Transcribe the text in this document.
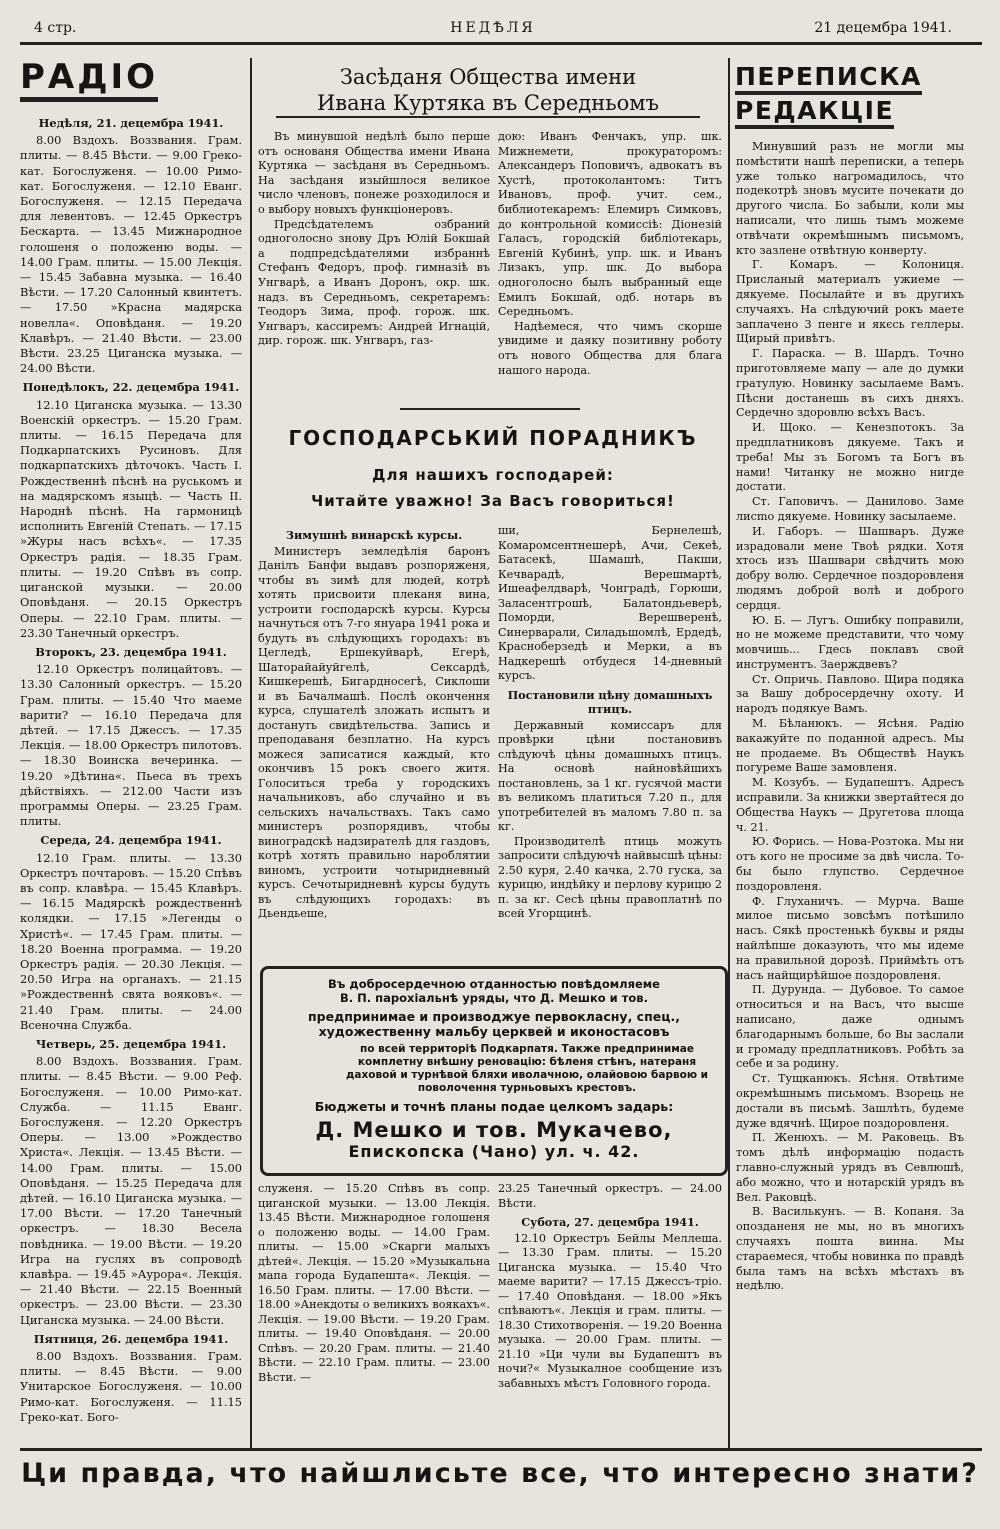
4 стр.	НЕДѢЛЯ	21 децембра 1941.
РАДІО

Недѣля, 21. децембра 1941.

8.00 Вздохъ. Воззвания. Грам. плиты. — 8.45 Вѣсти. — 9.00 Греко-кат. Богослуженя. — 10.00 Римо-кат. Богослуженя. — 12.10 Еванг. Богослуженя. — 12.15 Передача для левентовъ. — 12.45 Оркестръ Бескарта. — 13.45 Мижнародное голошеня о положеню воды. — 14.00 Грам. плиты. — 15.00 Лекція. — 15.45 Забавна музыка. — 16.40 Вѣсти. — 17.20 Салонный квинтетъ. — 17.50 »Красна мадярска новелла«. Оповѣданя. — 19.20 Клавѣръ. — 21.40 Вѣсти. — 23.00 Вѣсти. 23.25 Циганска музыка. — 24.00 Вѣсти.

Понедѣлокъ, 22. децембра 1941.

12.10 Циганска музыка. — 13.30 Военскій оркестръ. — 15.20 Грам. плиты. — 16.15 Передача для Подкарпатскихъ Русиновъ. Для подкарпатскихъ дѣточокъ. Часть I. Рождественнѣ пѣснѣ на руськомъ и на мадярскомъ языцѣ. — Часть II. Народнѣ пѣснѣ. На гармоницѣ исполнить Евгеній Степать. — 17.15 »Журы насъ всѣхъ«. — 17.35 Оркестръ радія. — 18.35 Грам. плиты. — 19.20 Спѣвъ въ сопр. циганской музыки. — 20.00 Оповѣданя. — 20.15 Оркестръ Оперы. — 22.10 Грам. плиты. — 23.30 Танечный оркестръ.

Второкъ, 23. децембра 1941.

12.10 Оркестръ полицайтовъ. — 13.30 Салонный оркестръ. — 15.20 Грам. плиты. — 15.40 Что маеме варити? — 16.10 Передача для дѣтей. — 17.15 Джессъ. — 17.35 Лекція. — 18.00 Оркестръ пилотовъ. — 18.30 Воинска вечеринка. — 19.20 »Дѣтина«. Пьеса въ трехъ дѣйствіяхъ. — 212.00 Части изъ программы Оперы. — 23.25 Грам. плиты.

Середа, 24. децембра 1941.

12.10 Грам. плиты. — 13.30 Оркестръ почтаровъ. — 15.20 Спѣвъ въ сопр. клавѣра. — 15.45 Клавѣръ. — 16.15 Мадярскѣ рождественнѣ колядки. — 17.15 »Легенды о Христѣ«. — 17.45 Грам. плиты. — 18.20 Военна программа. — 19.20 Оркестръ радія. — 20.30 Лекція. — 20.50 Игра на органахъ. — 21.15 »Рождественнѣ свята вояковъ«. — 21.40 Грам. плиты. — 24.00 Всеночна Служба.

Четверь, 25. децембра 1941.

8.00 Вздохъ. Воззвания. Грам. плиты. — 8.45 Вѣсти. — 9.00 Реф. Богослуженя. — 10.00 Римо-кат. Служба. — 11.15 Еванг. Богослуженя. — 12.20 Оркестръ Оперы. — 13.00 »Рождество Христа«. Лекція. — 13.45 Вѣсти. — 14.00 Грам. плиты. — 15.00 Оповѣданя. — 15.25 Передача для дѣтей. — 16.10 Циганска музыка. — 17.00 Вѣсти. — 17.20 Танечный оркестръ. — 18.30 Весела повѣдника. — 19.00 Вѣсти. — 19.20 Игра на гуслях въ сопроводѣ клавѣра. — 19.45 »Аурора«. Лекція. — 21.40 Вѣсти. — 22.15 Военный оркестръ. — 23.00 Вѣсти. — 23.30 Циганска музыка. — 24.00 Вѣсти.

Пятниця, 26. децембра 1941.

8.00 Вздохъ. Воззвания. Грам. плиты. — 8.45 Вѣсти. — 9.00 Унитарское Богослуженя. — 10.00 Римо-кат. Богослуженя. — 11.15 Греко-кат. Бого-

Засѣданя Общества имени
Ивана Куртяка въ Середньомъ

Въ минувшой недѣлѣ было перше отъ основаня Общества имени Ивана Куртяка — засѣданя въ Середньомъ. На засѣданя изыйшлося великое число членовъ, понеже розходилося и о выбору новыхъ функціонеровъ.

Предсѣдателемъ озбраний одноголосно знову Дръ Юлій Бокшай а подпредсѣдателями избраннѣ Стефанъ Федоръ, проф. гимназіѣ въ Унгварѣ, а Иванъ Доронъ, окр. шк. надз. въ Середньомъ, секретаремъ: Теодоръ Зима, проф. горож. шк. Унгваръ, кассиремъ: Андрей Игнацій, дир. горож. шк. Унгваръ, газ-

дою: Иванъ Фенчакъ, упр. шк. Мижнемети, прокураторомъ: Александеръ Поповичъ, адвокатъ въ Хустѣ, протоколантомъ: Титъ Ивановъ, проф. учит. сем., библиотекаремъ: Елемиръ Симковъ, до контрольной комиссіѣ: Діонезій Галасъ, городскій библіотекарь, Евгеній Кубинѣ, упр. шк. и Иванъ Лизакъ, упр. шк. До выбора одноголосно былъ выбранный еще Емилъ Бокшай, одб. нотарь въ Середньомъ.

Надѣемеся, что чимъ скорше увидиме и даяку позитивну роботу отъ нового Общества для блага нашого народа.

ГОСПОДАРСЬКИЙ ПОРАДНИКЪ
Для нашихъ господарей:
Читайте уважно! За Васъ говориться!

Зимушнѣ винарскѣ курсы.

Министеръ земледѣлія баронъ Данілъ Банфи выдавъ розпоряженя, чтобы въ зимѣ для людей, котрѣ хотять присвоити плеканя вина, устроити господарскѣ курсы. Курсы начнуться отъ 7-го януара 1941 рока и будуть въ слѣдующихъ городахъ: въ Цегледѣ, Ершекуйварѣ, Егерѣ, Шаторайайуйгелѣ, Сексардѣ, Кишкерешѣ, Бигардносегѣ, Сиклоши и въ Бачалмашѣ. Послѣ окончення курса, слушателѣ зложать испытъ и достануть свидѣтельства. Запись и преподаваня безплатно. На курсъ можеся записатися каждый, кто окончивъ 15 рокъ своего житя. Голоситься треба у городскихъ начальниковъ, або случайно и въ сельскихъ начальствахъ. Такъ само министеръ розпорядивъ, чтобы виноградскѣ надзирателѣ для газдовъ, котрѣ хотять правильно нароблятии виномъ, устроити чотыридневный курсъ. Сечотыридневнѣ курсы будуть въ слѣдующихъ городахъ: въ Дьендьеше,

ши, Бернелешѣ, Комаромсентнешерѣ, Ачи, Секеѣ, Батасекѣ, Шамашѣ, Пакши, Кечварадѣ, Верешмартѣ, Ишеафелдварѣ, Чонградѣ, Горюши, Залаcентгрошѣ, Балатондьеверѣ, Поморди, Верешверенѣ, Синерварали, Силадьшомлѣ, Ердедѣ, Красноберзедѣ и Мерки, а въ Надкерешѣ отбудеся 14-дневный курсъ.

Постановили цѣну домашныхъ птицъ.

Державный комиссаръ для провѣрки цѣни постановивъ слѣдуючѣ цѣны домашныхъ птицъ. На основѣ найновѣйшихъ постановлень, за 1 кг. гусячой масти въ великомъ платиться 7.20 п., для употребителей въ маломъ 7.80 п. за кг.

Производителѣ птиць можуть запросити слѣдуючѣ найвысшѣ цѣны: 2.50 куря, 2.40 качка, 2.70 гуска, за курицю, индѣйку и перлову курицю 2 п. за кг. Сесѣ цѣны правоплатнѣ по всей Угорщинѣ.

Въ добросердечною отданностью повѣдомляеме
В. П. парохіальнѣ уряды, что Д. Мешко и тов.
предпринимае и производжуе первокласну, спец.,
художественну мальбу церквей и иконостасовъ
по всей территоріѣ Подкарпатя. Также предпринимае комплетну внѣшну реновацію: бѣленя стѣнъ, натераня даховой и турнѣвой бляхи иволачною, олайовою барвою и поволочення турньовыхъ крестовъ.
Бюджеты и точнѣ планы подае целкомъ задарь:
Д. Мешко и тов. Мукачево,
Епископска (Чано) ул. ч. 42.

служеня. — 15.20 Спѣвъ въ сопр. циганской музыки. — 13.00 Лекція. 13.45 Вѣсти. Мижнародное голошеня о положеню воды. — 14.00 Грам. плиты. — 15.00 »Скарги малыхъ дѣтей«. Лекція. — 15.20 »Музыкальна мапа города Будапешта«. Лекція. — 16.50 Грам. плиты. — 17.00 Вѣсти. — 18.00 »Анекдоты о великихъ воякахъ«. Лекція. — 19.00 Вѣсти. — 19.20 Грам. плиты. — 19.40 Оповѣданя. — 20.00 Спѣвъ. — 20.20 Грам. плиты. — 21.40 Вѣсти. — 22.10 Грам. плиты. — 23.00 Вѣсти. —

23.25 Танечный оркестръ. — 24.00 Вѣсти.

Субота, 27. децембра 1941.

12.10 Оркестръ Бейлы Меллеша. — 13.30 Грам. плиты. — 15.20 Циганска музыка. — 15.40 Что маеме варити? — 17.15 Джессъ-тріо. — 17.40 Оповѣданя. — 18.00 »Якъ спѣваютъ«. Лекція и грам. плиты. — 18.30 Стихотворенія. — 19.20 Военна музыка. — 20.00 Грам. плиты. — 21.10 »Ци чули вы Будапештъ въ ночи?« Музыкалнoе сообщение изъ забавныхъ мѣстъ Головного города.

ПЕРЕПИСКА
РЕДАКЦІЕ

Минувший разъ не могли мы помѣстити нашѣ переписки, а теперь уже только нагромадилось, что подекотрѣ зновъ мусите почекати до другого числа. Бо забыли, коли мы написали, что лишь тымъ можеме отвѣчати окремѣшнымъ письмомъ, кто зазлене отвѣтную конверту.

Г. Комаръ. — Колониця. Присланый материалъ ужиеме — дякуеме. Посылайте и въ другихъ случаяхъ. На слѣдуючий рокъ маете заплачено 3 пенге и якєсь геллеры. Щирый привѣтъ.

Г. Параска. — В. Шардъ. Точно приготовляеме мапу — але до думки гратулую. Новинку засылаеме Вамъ. Пѣсни достанешь въ сихъ дняхъ. Сердечно здоровлю всѣхъ Васъ.

И. Щоко. — Кенезпотокъ. За предплатниковъ дякуеме. Такъ и треба! Мы зъ Богомъ та Богъ въ нами! Читанку не можно нигде достати.

Ст. Гаповичъ. — Данилово. Заме лиcmо дякуеме. Новинку засылаеме.

И. Габоръ. — Шашваръ. Дуже израдовали мене Твоѣ рядки. Хотя хтось изъ Шашвари свѣдчить мою добру волю. Сердечное поздоровленя людямъ доброй волѣ и доброго сердця.

Ю. Б. — Лугъ. Ошибку поправили, но не можеме представити, что чому мовчишь... Гдесь поклавъ свой инструментъ. Заерждвевъ?

Ст. Опричь. Павлово. Щира подяка за Вашу добросердечну охоту. И народъ подякуе Вамъ.

М. Бѣланюкъ. — Ясѣня. Радію вакажуйте по поданной адресъ. Мы не продаеме. Въ Обществѣ Наукъ погуреме Ваше замовленя.

М. Козубъ. — Будапештъ. Адресъ исправили. За книжки звертайтеся до Общества Наукъ — Другетова площа ч. 21.

Ю. Форись. — Нова-Розтока. Мы ни отъ кого не просиме за двѣ числа. То-бы было глупство. Сердечное поздоровленя.

Ф. Глуханичъ. — Мурча. Ваше милое письмо зовсѣмъ потѣшило насъ. Сякѣ простенькѣ буквы и ряды найлѣпше доказують, что мы идеме на правильной дорозѣ. Приймѣть отъ насъ найщирѣйшое поздоровленя.

П. Дурунда. — Дубовое. То самое относиться и на Васъ, что высше написано, даже однымъ благодарнымъ больше, бо Вы заслали и громаду предплатниковъ. Робѣть за себе и за родину.

Ст. Тущканюкъ. Ясѣня. Отвѣтиме окремѣшнымъ письмомъ. Взорець не достали въ письмѣ. Зашлѣть, будеме дуже вдячнѣ. Щирое поздоровленя.

П. Женюхъ. — М. Раковець. Въ томъ дѣлѣ информацію подасть главно-служный урядъ въ Севлюшѣ, або можно, что и нотарскій урядъ въ Вел. Раковцѣ.

В. Василькунъ. — В. Копаня. За опозданеня не мы, но въ многихъ случаяхъ пошта винна. Мы стараемеся, чтобы новинка по правдѣ была тамъ на всѣхъ мѣстахъ въ недѣлю.

Ци правда, что найшлисьте все, что интересно знати?
